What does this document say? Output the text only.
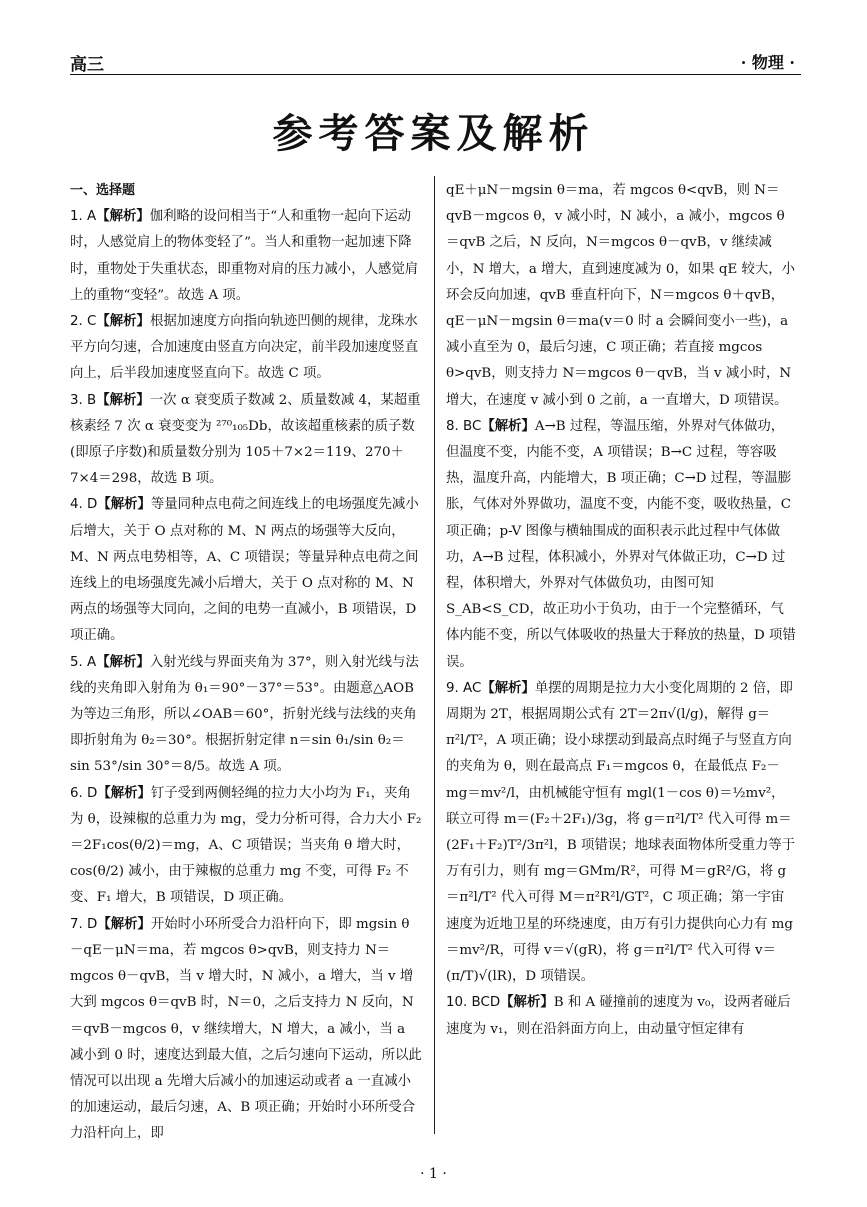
高三	· 物理 ·
参考答案及解析
一、选择题

1. A【解析】伽利略的设问相当于“人和重物一起向下运动时，人感觉肩上的物体变轻了”。当人和重物一起加速下降时，重物处于失重状态，即重物对肩的压力减小，人感觉肩上的重物“变轻”。故选 A 项。

2. C【解析】根据加速度方向指向轨迹凹侧的规律，龙珠水平方向匀速，合加速度由竖直方向决定，前半段加速度竖直向上，后半段加速度竖直向下。故选 C 项。

3. B【解析】一次 α 衰变质子数减 2、质量数减 4，某超重核素经 7 次 α 衰变变为 ²⁷⁰₁₀₅Db，故该超重核素的质子数(即原子序数)和质量数分别为 105＋7×2＝119、270＋7×4＝298，故选 B 项。

4. D【解析】等量同种点电荷之间连线上的电场强度先减小后增大，关于 O 点对称的 M、N 两点的场强等大反向，M、N 两点电势相等，A、C 项错误；等量异种点电荷之间连线上的电场强度先减小后增大，关于 O 点对称的 M、N 两点的场强等大同向，之间的电势一直减小，B 项错误，D 项正确。

5. A【解析】入射光线与界面夹角为 37°，则入射光线与法线的夹角即入射角为 θ₁＝90°－37°＝53°。由题意△AOB 为等边三角形，所以∠OAB＝60°，折射光线与法线的夹角即折射角为 θ₂＝30°。根据折射定律 n＝sin θ₁/sin θ₂＝sin 53°/sin 30°＝8/5。故选 A 项。

6. D【解析】钉子受到两侧轻绳的拉力大小均为 F₁，夹角为 θ，设辣椒的总重力为 mg，受力分析可得，合力大小 F₂＝2F₁cos(θ/2)＝mg，A、C 项错误；当夹角 θ 增大时，cos(θ/2) 减小，由于辣椒的总重力 mg 不变，可得 F₂ 不变、F₁ 增大，B 项错误，D 项正确。

7. D【解析】开始时小环所受合力沿杆向下，即 mgsin θ－qE－μN＝ma，若 mgcos θ>qvB，则支持力 N＝mgcos θ－qvB，当 v 增大时，N 减小，a 增大，当 v 增大到 mgcos θ＝qvB 时，N＝0，之后支持力 N 反向，N＝qvB－mgcos θ，v 继续增大，N 增大，a 减小，当 a 减小到 0 时，速度达到最大值，之后匀速向下运动，所以此情况可以出现 a 先增大后减小的加速运动或者 a 一直减小的加速运动，最后匀速，A、B 项正确；开始时小环所受合力沿杆向上，即

qE＋μN－mgsin θ＝ma，若 mgcos θ<qvB，则 N＝qvB－mgcos θ，v 减小时，N 减小，a 减小，mgcos θ＝qvB 之后，N 反向，N＝mgcos θ－qvB，v 继续减小，N 增大，a 增大，直到速度减为 0，如果 qE 较大，小环会反向加速，qvB 垂直杆向下，N＝mgcos θ＋qvB，qE－μN－mgsin θ＝ma(v＝0 时 a 会瞬间变小一些)，a 减小直至为 0，最后匀速，C 项正确；若直接 mgcos θ>qvB，则支持力 N＝mgcos θ－qvB，当 v 减小时，N 增大，在速度 v 减小到 0 之前，a 一直增大，D 项错误。

8. BC【解析】A→B 过程，等温压缩，外界对气体做功，但温度不变，内能不变，A 项错误；B→C 过程，等容吸热，温度升高，内能增大，B 项正确；C→D 过程，等温膨胀，气体对外界做功，温度不变，内能不变，吸收热量，C 项正确；p-V 图像与横轴围成的面积表示此过程中气体做功，A→B 过程，体积减小，外界对气体做正功，C→D 过程，体积增大，外界对气体做负功，由图可知 S_AB<S_CD，故正功小于负功，由于一个完整循环，气体内能不变，所以气体吸收的热量大于释放的热量，D 项错误。

9. AC【解析】单摆的周期是拉力大小变化周期的 2 倍，即周期为 2T，根据周期公式有 2T＝2π√(l/g)，解得 g＝π²l/T²，A 项正确；设小球摆动到最高点时绳子与竖直方向的夹角为 θ，则在最高点 F₁＝mgcos θ，在最低点 F₂－mg＝mv²/l，由机械能守恒有 mgl(1－cos θ)＝½mv²，联立可得 m＝(F₂＋2F₁)/3g，将 g＝π²l/T² 代入可得 m＝(2F₁＋F₂)T²/3π²l，B 项错误；地球表面物体所受重力等于万有引力，则有 mg＝GMm/R²，可得 M＝gR²/G，将 g＝π²l/T² 代入可得 M＝π²R²l/GT²，C 项正确；第一宇宙速度为近地卫星的环绕速度，由万有引力提供向心力有 mg＝mv²/R，可得 v＝√(gR)，将 g＝π²l/T² 代入可得 v＝(π/T)√(lR)，D 项错误。

10. BCD【解析】B 和 A 碰撞前的速度为 v₀，设两者碰后速度为 v₁，则在沿斜面方向上，由动量守恒定律有

· 1 ·
